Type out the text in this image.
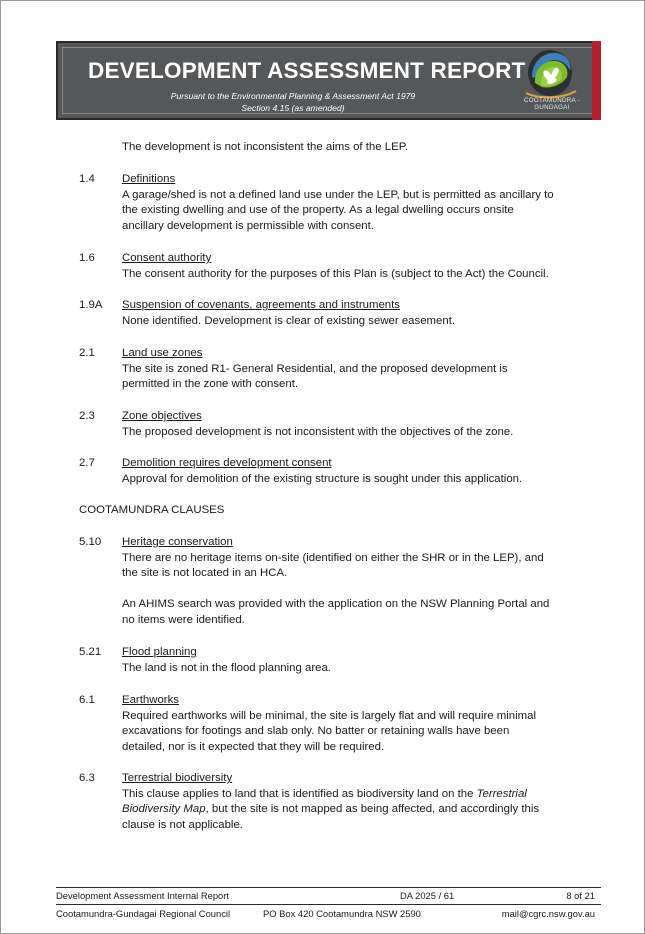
DEVELOPMENT ASSESSMENT REPORT
Pursuant to the Environmental Planning & Assessment Act 1979
Section 4.15 (as amended)
COOTAMUNDRA -
GUNDAGAI
The development is not inconsistent the aims of the LEP.
1.4 Definitions

A garage/shed is not a defined land use under the LEP, but is permitted as ancillary to

the existing dwelling and use of the property. As a legal dwelling occurs onsite

ancillary development is permissible with consent.

1.6 Consent authority

The consent authority for the purposes of this Plan is (subject to the Act) the Council.

1.9A Suspension of covenants, agreements and instruments

None identified. Development is clear of existing sewer easement.

2.1 Land use zones

The site is zoned R1- General Residential, and the proposed development is

permitted in the zone with consent.

2.3 Zone objectives

The proposed development is not inconsistent with the objectives of the zone.

2.7 Demolition requires development consent

Approval for demolition of the existing structure is sought under this application.

COOTAMUNDRA CLAUSES
5.10 Heritage conservation

There are no heritage items on-site (identified on either the SHR or in the LEP), and

the site is not located in an HCA.

An AHIMS search was provided with the application on the NSW Planning Portal and

no items were identified.

5.21 Flood planning

The land is not in the flood planning area.

6.1 Earthworks

Required earthworks will be minimal, the site is largely flat and will require minimal

excavations for footings and slab only. No batter or retaining walls have been

detailed, nor is it expected that they will be required.

6.3 Terrestrial biodiversity

This clause applies to land that is identified as biodiversity land on the Terrestrial

Biodiversity Map, but the site is not mapped as being affected, and accordingly this

clause is not applicable.

Development Assessment Internal Report	DA 2025 / 61	8 of 21
Cootamundra-Gundagai Regional Council	PO Box 420 Cootamundra NSW 2590	mail@cgrc.nsw.gov.au
